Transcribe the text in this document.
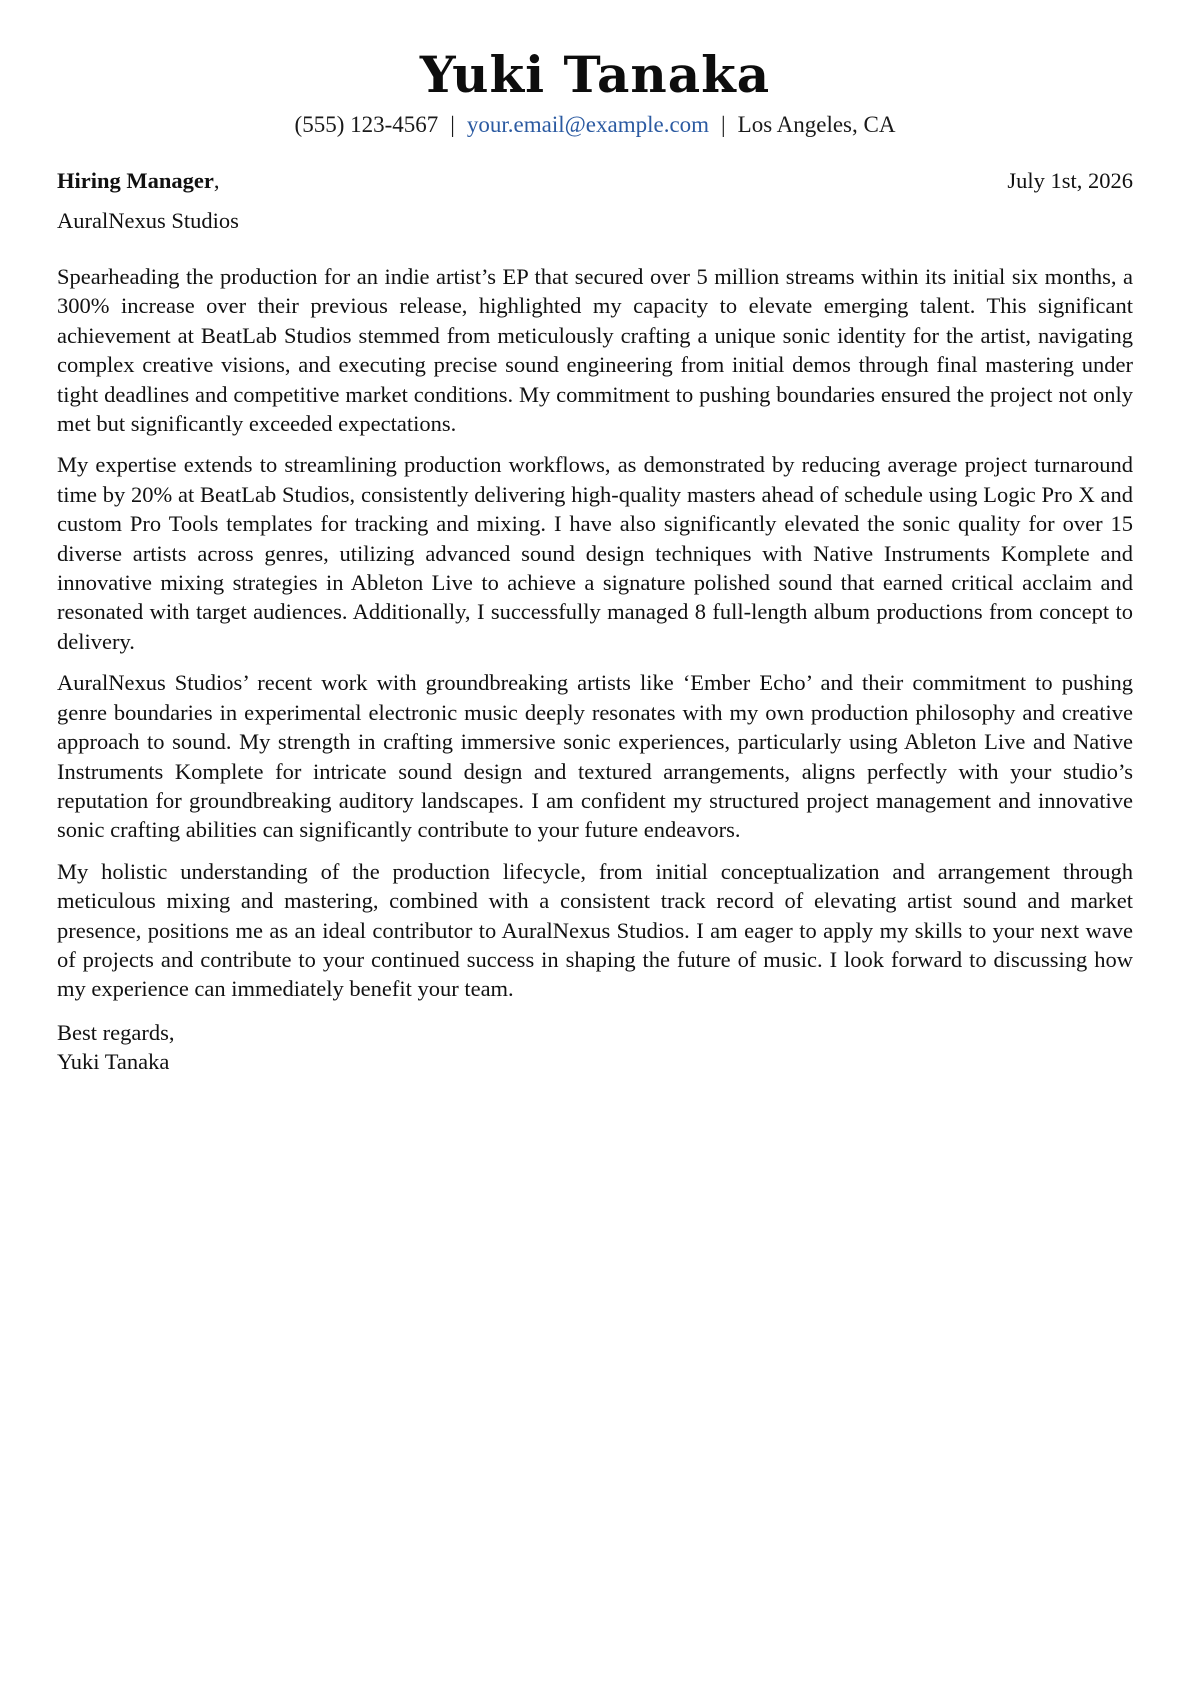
Yuki Tanaka
(555) 123-4567 | your.email@example.com | Los Angeles, CA
Hiring Manager,	July 1st, 2026
AuralNexus Studios

Spearheading the production for an indie artist’s EP that secured over 5 million streams within its initial six months, a 300% increase over their previous release, highlighted my capacity to elevate emerging talent. This significant achievement at BeatLab Studios stemmed from meticulously crafting a unique sonic identity for the artist, navigating complex creative visions, and executing precise sound engineering from initial demos through final mastering under tight deadlines and competitive market conditions. My commitment to pushing boundaries ensured the project not only met but significantly exceeded expectations.

My expertise extends to streamlining production workflows, as demonstrated by reducing average project turnaround time by 20% at BeatLab Studios, consistently delivering high-quality masters ahead of schedule using Logic Pro X and custom Pro Tools templates for tracking and mixing. I have also significantly elevated the sonic quality for over 15 diverse artists across genres, utilizing advanced sound design techniques with Native Instruments Komplete and innovative mixing strategies in Ableton Live to achieve a signature polished sound that earned critical acclaim and resonated with target audiences. Additionally, I successfully managed 8 full-length album productions from concept to delivery.

AuralNexus Studios’ recent work with groundbreaking artists like ‘Ember Echo’ and their commitment to pushing genre boundaries in experimental electronic music deeply resonates with my own production philosophy and creative approach to sound. My strength in crafting immersive sonic experiences, particularly using Ableton Live and Native Instruments Komplete for intricate sound design and textured arrangements, aligns perfectly with your studio’s reputation for groundbreaking auditory landscapes. I am confident my structured project management and innovative sonic crafting abilities can significantly contribute to your future endeavors.

My holistic understanding of the production lifecycle, from initial conceptualization and arrangement through meticulous mixing and mastering, combined with a consistent track record of elevating artist sound and market presence, positions me as an ideal contributor to AuralNexus Studios. I am eager to apply my skills to your next wave of projects and contribute to your continued success in shaping the future of music. I look forward to discussing how my experience can immediately benefit your team.

Best regards,
Yuki Tanaka
